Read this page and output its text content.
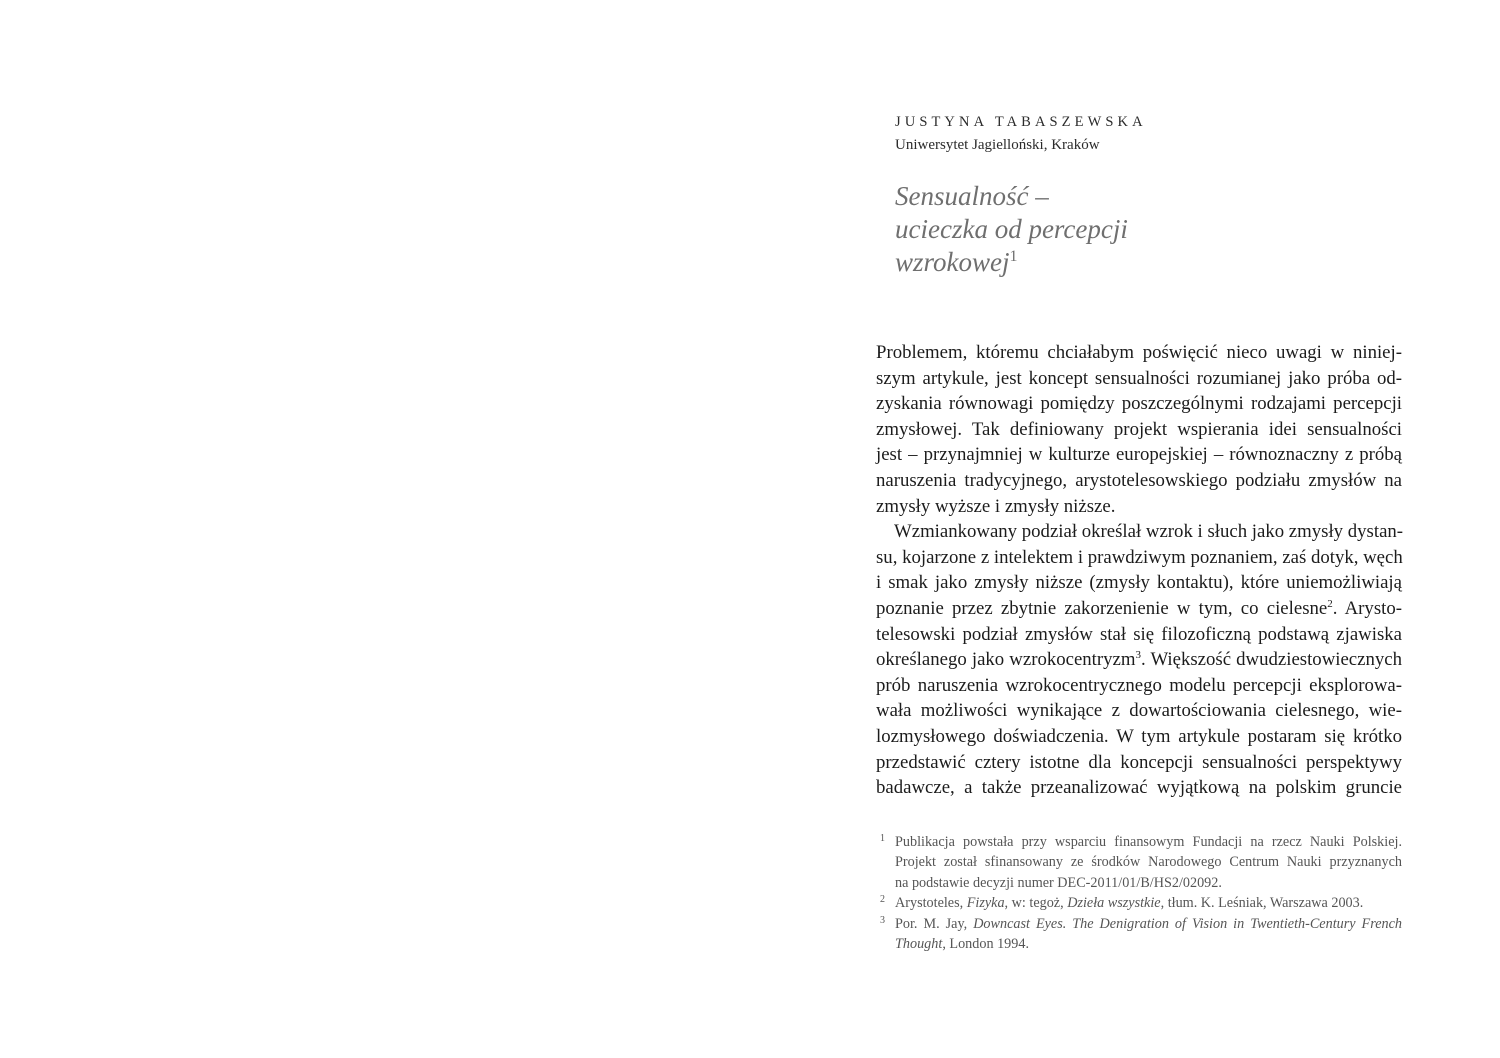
JUSTYNA TABASZEWSKA
Uniwersytet Jagielloński, Kraków
Sensualność –
ucieczka od percepcji
wzrokowej$^1$
Problemem, któremu chciałabym poświęcić nieco uwagi w niniej-
szym artykule, jest koncept sensualności rozumianej jako próba od-
zyskania równowagi pomiędzy poszczególnymi rodzajami percepcji
zmysłowej. Tak definiowany projekt wspierania idei sensualności
jest – przynajmniej w kulturze europejskiej – równoznaczny z próbą
naruszenia tradycyjnego, arystotelesowskiego podziału zmysłów na
zmysły wyższe i zmysły niższe.
Wzmiankowany podział określał wzrok i słuch jako zmysły dystan-
su, kojarzone z intelektem i prawdziwym poznaniem, zaś dotyk, węch
i smak jako zmysły niższe (zmysły kontaktu), które uniemożliwiają
poznanie przez zbytnie zakorzenienie w tym, co cielesne$^2$. Arysto-
telesowski podział zmysłów stał się filozoficzną podstawą zjawiska
określanego jako wzrokocentryzm$^3$. Większość dwudziestowiecznych
prób naruszenia wzrokocentrycznego modelu percepcji eksplorowa-
wała możliwości wynikające z dowartościowania cielesnego, wie-
lozmysłowego doświadczenia. W tym artykule postaram się krótko
przedstawić cztery istotne dla koncepcji sensualności perspektywy
badawcze, a także przeanalizować wyjątkową na polskim gruncie
1 Publikacja powstała przy wsparciu finansowym Fundacji na rzecz Nauki Polskiej.
Projekt został sfinansowany ze środków Narodowego Centrum Nauki przyznanych
na podstawie decyzji numer DEC-2011/01/B/HS2/02092.
2 Arystoteles, Fizyka, w: tegoż, Dzieła wszystkie, tłum. K. Leśniak, Warszawa 2003.
3 Por. M. Jay, Downcast Eyes. The Denigration of Vision in Twentieth-Century French
Thought, London 1994.
